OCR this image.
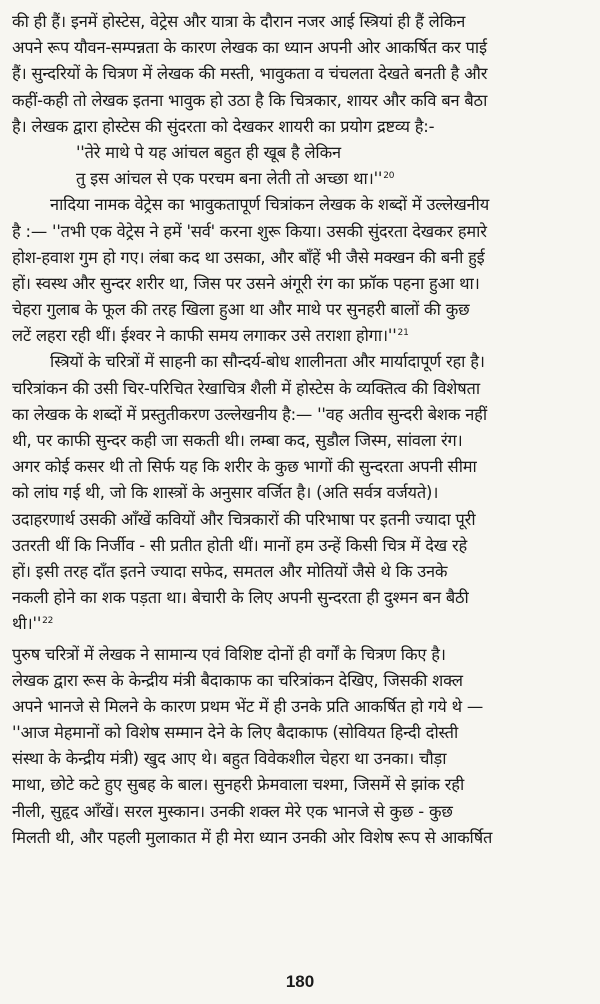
की ही हैं। इनमें होस्टेस, वेट्रेस और यात्रा के दौरान नजर आई स्त्रियां ही हैं लेकिन
अपने रूप यौवन-सम्पन्नता के कारण लेखक का ध्यान अपनी ओर आकर्षित कर पाई
हैं। सुन्दरियों के चित्रण में लेखक की मस्ती, भावुकता व चंचलता देखते बनती है और
कहीं-कही तो लेखक इतना भावुक हो उठा है कि चित्रकार, शायर और कवि बन बैठा
है। लेखक द्वारा होस्टेस की सुंदरता को देखकर शायरी का प्रयोग द्रष्टव्य है:-
''तेरे माथे पे यह आंचल बहुत ही खूब है लेकिन
तु इस आंचल से एक परचम बना लेती तो अच्छा $था।''^{20}$
नादिया नामक वेट्रेस का भावुकतापूर्ण चित्रांकन लेखक के शब्दों में उल्लेखनीय
है :— ''तभी एक वेट्रेस ने हमें 'सर्व' करना शुरू किया। उसकी सुंदरता देखकर हमारे
होश-हवाश गुम हो गए। लंबा कद था उसका, और बाँहें भी जैसे मक्खन की बनी हुई
हों। स्वस्थ और सुन्दर शरीर था, जिस पर उसने अंगूरी रंग का फ्रॉक पहना हुआ था।
चेहरा गुलाब के फूल की तरह खिला हुआ था और माथे पर सुनहरी बालों की कुछ
लटें लहरा रही थीं। ईश्वर ने काफी समय लगाकर उसे तराशा $होगा।''^{21}$
स्त्रियों के चरित्रों में साहनी का सौन्दर्य-बोध शालीनता और मार्यादापूर्ण रहा है।
चरित्रांकन की उसी चिर-परिचित रेखाचित्र शैली में होस्टेस के व्यक्तित्व की विशेषता
का लेखक के शब्दों में प्रस्तुतीकरण उल्लेखनीय है:— ''वह अतीव सुन्दरी बेशक नहीं
थी, पर काफी सुन्दर कही जा सकती थी। लम्बा कद, सुडौल जिस्म, सांवला रंग।
अगर कोई कसर थी तो सिर्फ यह कि शरीर के कुछ भागों की सुन्दरता अपनी सीमा
को लांघ गई थी, जो कि शास्त्रों के अनुसार वर्जित है। (अति सर्वत्र वर्जयते)।
उदाहरणार्थ उसकी आँखें कवियों और चित्रकारों की परिभाषा पर इतनी ज्यादा पूरी
उतरती थीं कि निर्जीव - सी प्रतीत होती थीं। मानों हम उन्हें किसी चित्र में देख रहे
हों। इसी तरह दाँत इतने ज्यादा सफेद, समतल और मोतियों जैसे थे कि उनके
नकली होने का शक पड़ता था। बेचारी के लिए अपनी सुन्दरता ही दुश्मन बन बैठी
$थी।''^{22}$
पुरुष चरित्रों में लेखक ने सामान्य एवं विशिष्ट दोनों ही वर्गों के चित्रण किए है।
लेखक द्वारा रूस के केन्द्रीय मंत्री बैदाकाफ का चरित्रांकन देखिए, जिसकी शक्ल
अपने भानजे से मिलने के कारण प्रथम भेंट में ही उनके प्रति आकर्षित हो गये थे —
''आज मेहमानों को विशेष सम्मान देने के लिए बैदाकाफ (सोवियत हिन्दी दोस्ती
संस्था के केन्द्रीय मंत्री) खुद आए थे। बहुत विवेकशील चेहरा था उनका। चौड़ा
माथा, छोटे कटे हुए सुबह के बाल। सुनहरी फ्रेमवाला चश्मा, जिसमें से झांक रही
नीली, सुहृद आँखें। सरल मुस्कान। उनकी शक्ल मेरे एक भानजे से कुछ - कुछ
मिलती थी, और पहली मुलाकात में ही मेरा ध्यान उनकी ओर विशेष रूप से आकर्षित
180
